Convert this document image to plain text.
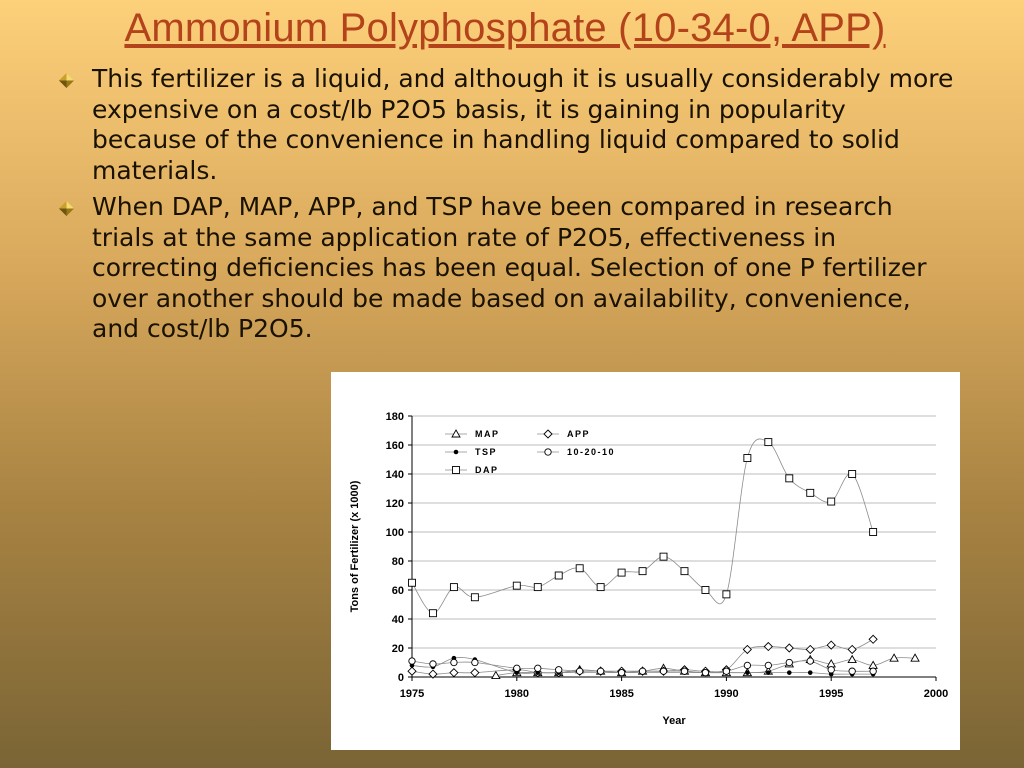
Ammonium Polyphosphate (10-34-0, APP)
This fertilizer is a liquid, and although it is usually considerably more expensive on a cost/lb P2O5 basis, it is gaining in popularity because of the convenience in handling liquid compared to solid materials.
When DAP, MAP, APP, and TSP have been compared in research trials at the same application rate of P2O5, effectiveness in correcting deficiencies has been equal. Selection of one P fertilizer over another should be made based on availability, convenience, and cost/lb P2O5.
0
20
40
60
80
100
120
140
160
180
1975	1980	1985	1990	1995	2000
Year
Tons of Fertilizer (x 1000)
MAP	APP
TSP	10-20-10
DAP
